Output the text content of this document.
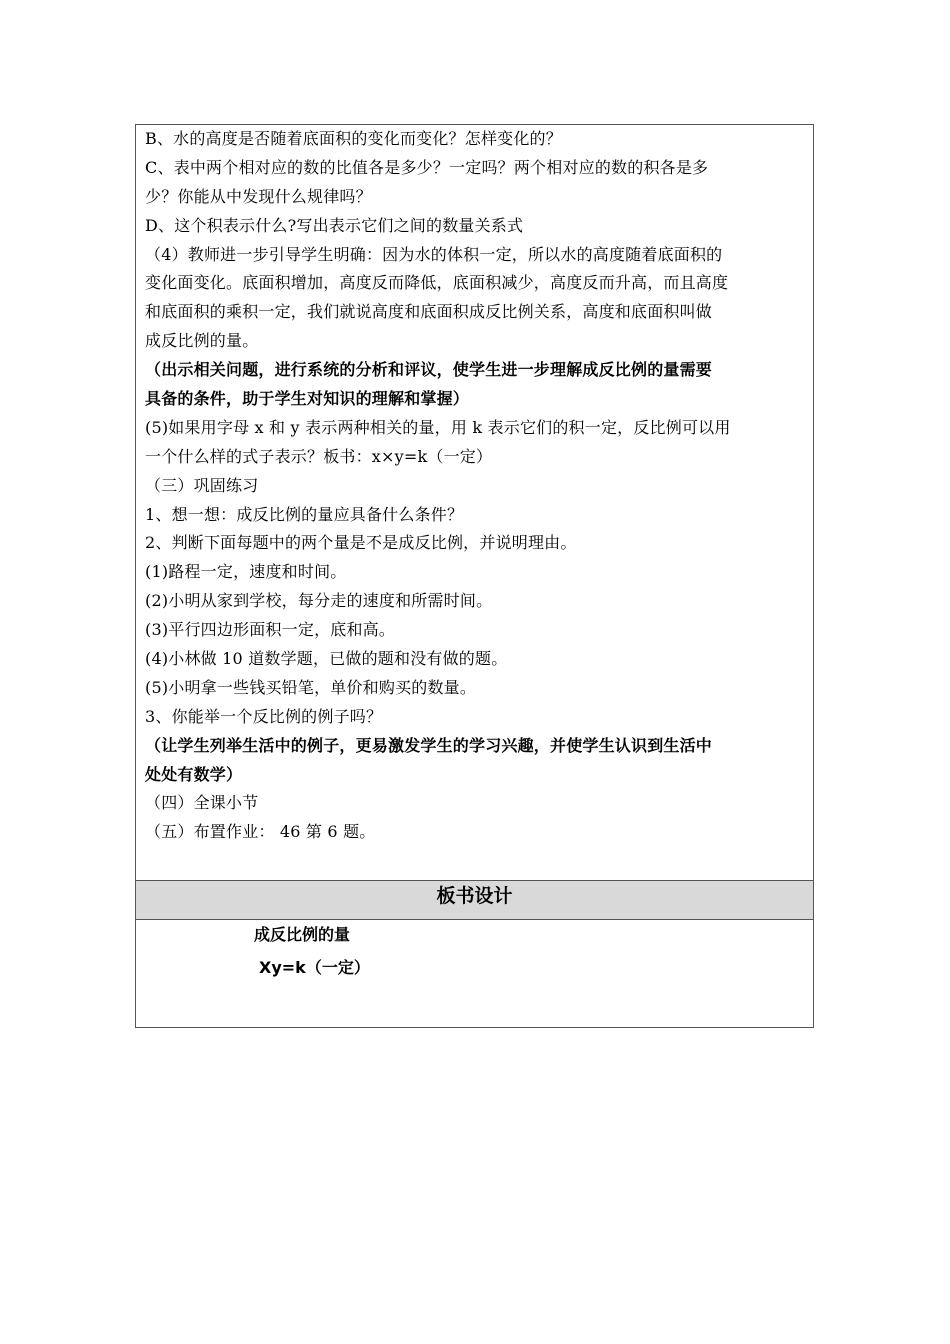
B、水的高度是否随着底面积的变化而变化？怎样变化的？
C、表中两个相对应的数的比值各是多少？一定吗？两个相对应的数的积各是多
少？你能从中发现什么规律吗？
D、这个积表示什么?写出表示它们之间的数量关系式
（4）教师进一步引导学生明确：因为水的体积一定，所以水的高度随着底面积的
变化面变化。底面积增加，高度反而降低，底面积减少，高度反而升高，而且高度
和底面积的乘积一定，我们就说高度和底面积成反比例关系，高度和底面积叫做
成反比例的量。
（出示相关问题，进行系统的分析和评议，使学生进一步理解成反比例的量需要
具备的条件，助于学生对知识的理解和掌握）
(5)如果用字母 x 和 y 表示两种相关的量，用 k 表示它们的积一定，反比例可以用
一个什么样的式子表示？板书：x×y=k（一定）
（三）巩固练习
1、想一想：成反比例的量应具备什么条件？
2、判断下面每题中的两个量是不是成反比例，并说明理由。
(1)路程一定，速度和时间。
(2)小明从家到学校，每分走的速度和所需时间。
(3)平行四边形面积一定，底和高。
(4)小林做 10 道数学题，已做的题和没有做的题。
(5)小明拿一些钱买铅笔，单价和购买的数量。
3、你能举一个反比例的例子吗？
（让学生列举生活中的例子，更易激发学生的学习兴趣，并使学生认识到生活中
处处有数学）
（四）全课小节
（五）布置作业： 46 第 6 题。
板书设计
成反比例的量
Xy=k（一定）
